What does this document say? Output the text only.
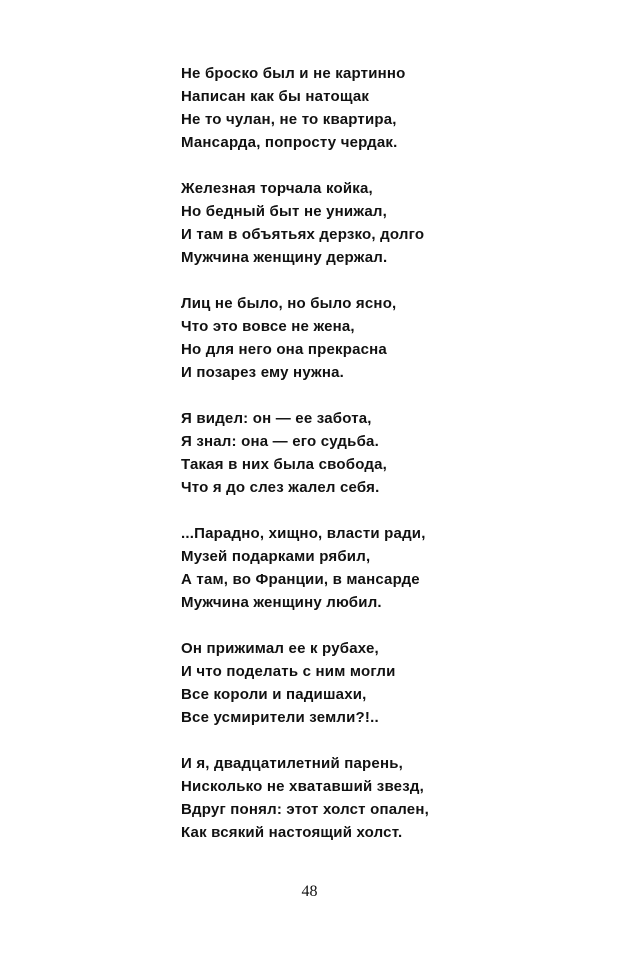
Не броско был и не картинно
Написан как бы натощак
Не то чулан, не то квартира,
Мансарда, попросту чердак.
Железная торчала койка,
Но бедный быт не унижал,
И там в объятьях дерзко, долго
Мужчина женщину держал.
Лиц не было, но было ясно,
Что это вовсе не жена,
Но для него она прекрасна
И позарез ему нужна.
Я видел: он — ее забота,
Я знал: она — его судьба.
Такая в них была свобода,
Что я до слез жалел себя.
...Парадно, хищно, власти ради,
Музей подарками рябил,
А там, во Франции, в мансарде
Мужчина женщину любил.
Он прижимал ее к рубахе,
И что поделать с ним могли
Все короли и падишахи,
Все усмирители земли?!..
И я, двадцатилетний парень,
Нисколько не хватавший звезд,
Вдруг понял: этот холст опален,
Как всякий настоящий холст.
48
